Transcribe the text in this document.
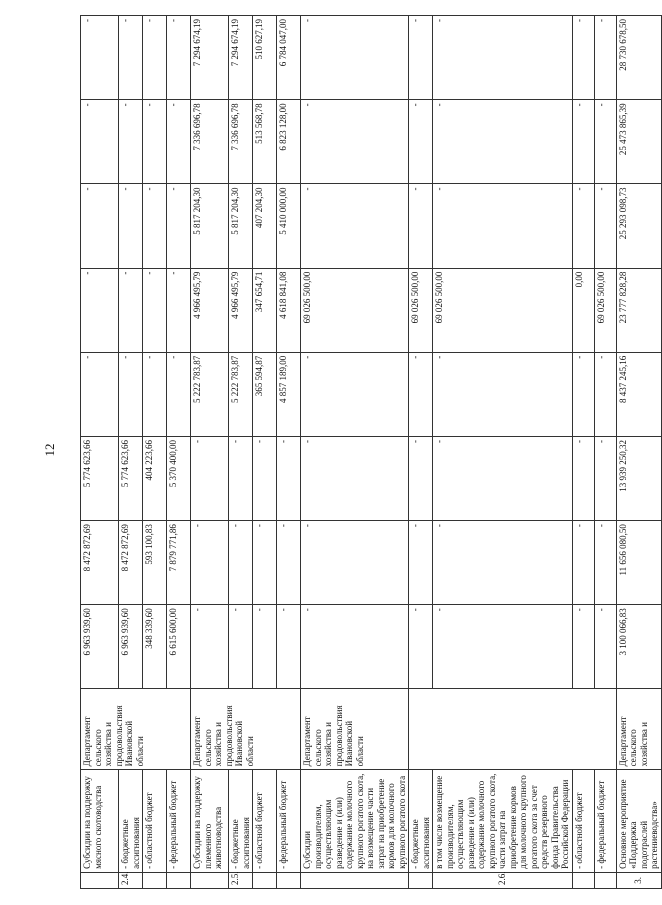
12
	Субсидии на поддержку мясного скотоводства	Департамент сельского хозяйства и продовольствия Ивановской области	6 963 939,60	8 472 872,69	5 774 623,66	-	-	-	-	-
2.4.	- бюджетные ассигнования		6 963 939,60	8 472 872,69	5 774 623,66	-	-	-	-	-
	- областной бюджет		348 339,60	593 100,83	404 223,66	-	-	-	-	-
	- федеральный бюджет		6 615 600,00	7 879 771,86	5 370 400,00	-	-	-	-	-
	Субсидии на поддержку племенного животноводства	Департамент сельского хозяйства и продовольствия Ивановской области	-	-	-	5 222 783,87	4 966 495,79	5 817 204,30	7 336 696,78	7 294 674,19
2.5.	- бюджетные ассигнования		-	-	-	5 222 783,87	4 966 495,79	5 817 204,30	7 336 696,78	7 294 674,19
	- областной бюджет		-	-	-	365 594,87	347 654,71	407 204,30	513 568,78	510 627,19
	- федеральный бюджет		-	-	-	4 857 189,00	4 618 841,08	5 410 000,00	6 823 128,00	6 784 047,00
	Субсидии производителям, осуществляющим разведение и (или) содержание молочного крупного рогатого скота, на возмещение части затрат на приобретение кормов для молочного крупного рогатого скота	Департамент сельского хозяйства и продовольствия Ивановской области	-	-	-	-	69 026 500,00	-	-	-
	- бюджетные ассигнования		-	-	-	-	69 026 500,00	-	-	-
2.6.	в том числе возмещение производителям, осуществляющим разведение и (или) содержание молочного крупного рогатого скота, части затрат на приобретение кормов для молочного крупного рогатого скота за счет средств резервного фонда Правительства Российской Федерации		-	-	-	-	69 026 500,00	-	-	-
	- областной бюджет		-	-	-	-	0,00	-	-	-
	- федеральный бюджет		-	-	-	-	69 026 500,00	-	-	-
3.	Основное мероприятие «Поддержка подотраслей растениеводства»	Департамент сельского хозяйства и	3 100 066,83	11 656 080,50	13 939 250,32	8 437 245,16	23 777 828,28	25 293 098,73	25 473 865,39	28 730 678,50
